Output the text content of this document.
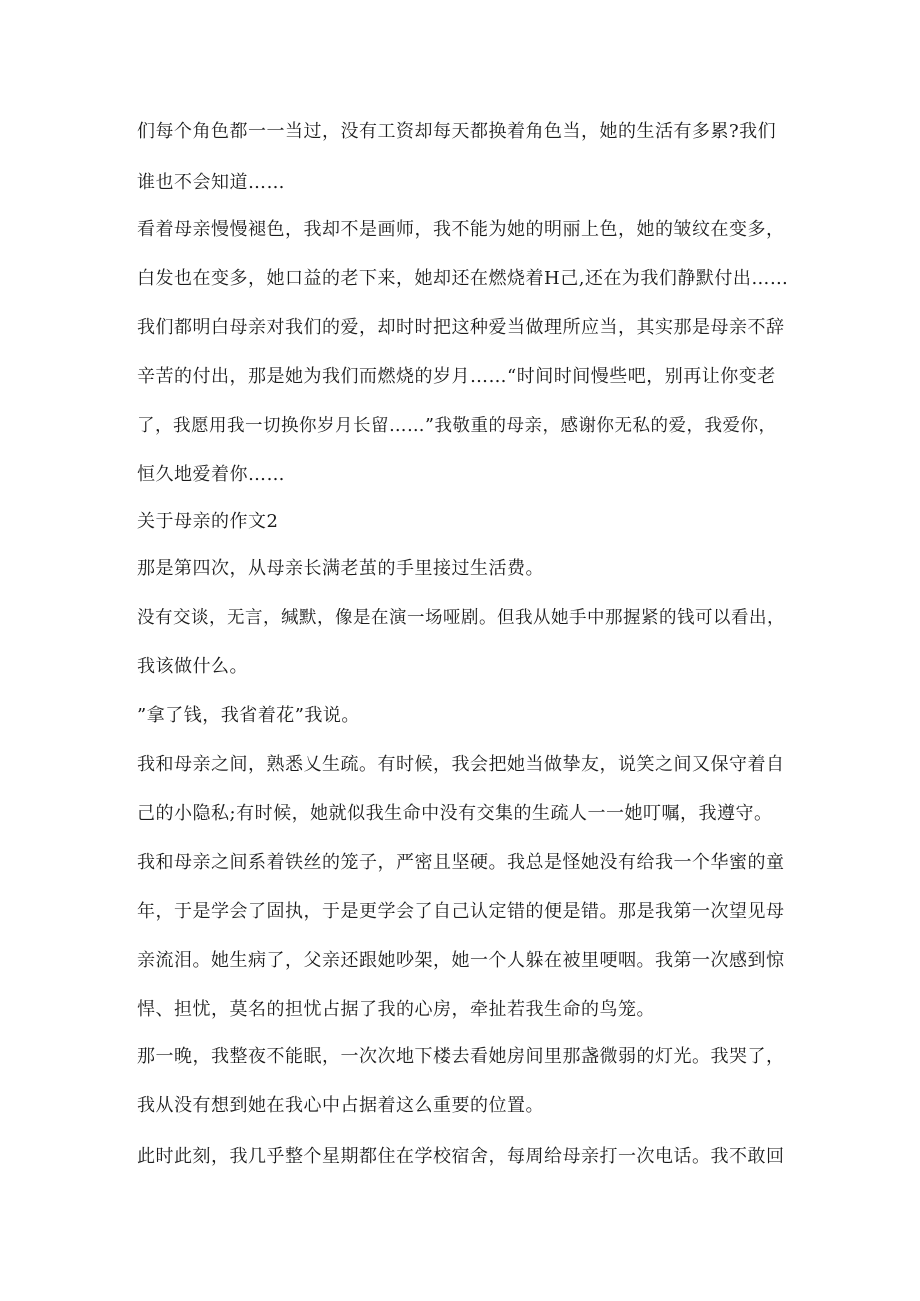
们每个角色都一一当过，没有工资却每天都换着角色当，她的生活有多累?我们
谁也不会知道……
看着母亲慢慢褪色，我却不是画师，我不能为她的明丽上色，她的皱纹在变多，
白发也在变多，她口益的老下来，她却还在燃烧着H己,还在为我们静默付出……
我们都明白母亲对我们的爱，却时时把这种爱当做理所应当，其实那是母亲不辞
辛苦的付出，那是她为我们而燃烧的岁月……“时间时间慢些吧，别再让你变老
了，我愿用我一切换你岁月长留……”我敬重的母亲，感谢你无私的爱，我爱你，
恒久地爱着你……
关于母亲的作文2
那是第四次，从母亲长满老茧的手里接过生活费。
没有交谈，无言，缄默，像是在演一场哑剧。但我从她手中那握紧的钱可以看出，
我该做什么。
”拿了钱，我省着花”我说。
我和母亲之间，熟悉乂生疏。有时候，我会把她当做挚友，说笑之间又保守着自
己的小隐私;有时候，她就似我生命中没有交集的生疏人一一她叮嘱，我遵守。
我和母亲之间系着铁丝的笼子，严密且坚硬。我总是怪她没有给我一个华蜜的童
年，于是学会了固执，于是更学会了自己认定错的便是错。那是我第一次望见母
亲流泪。她生病了，父亲还跟她吵架，她一个人躲在被里哽咽。我第一次感到惊
悍、担忧，莫名的担忧占据了我的心房，牵扯若我生命的鸟笼。
那一晚，我整夜不能眠，一次次地下楼去看她房间里那盏微弱的灯光。我哭了，
我从没有想到她在我心中占据着这么重要的位置。
此时此刻，我几乎整个星期都住在学校宿舍，每周给母亲打一次电话。我不敢回
